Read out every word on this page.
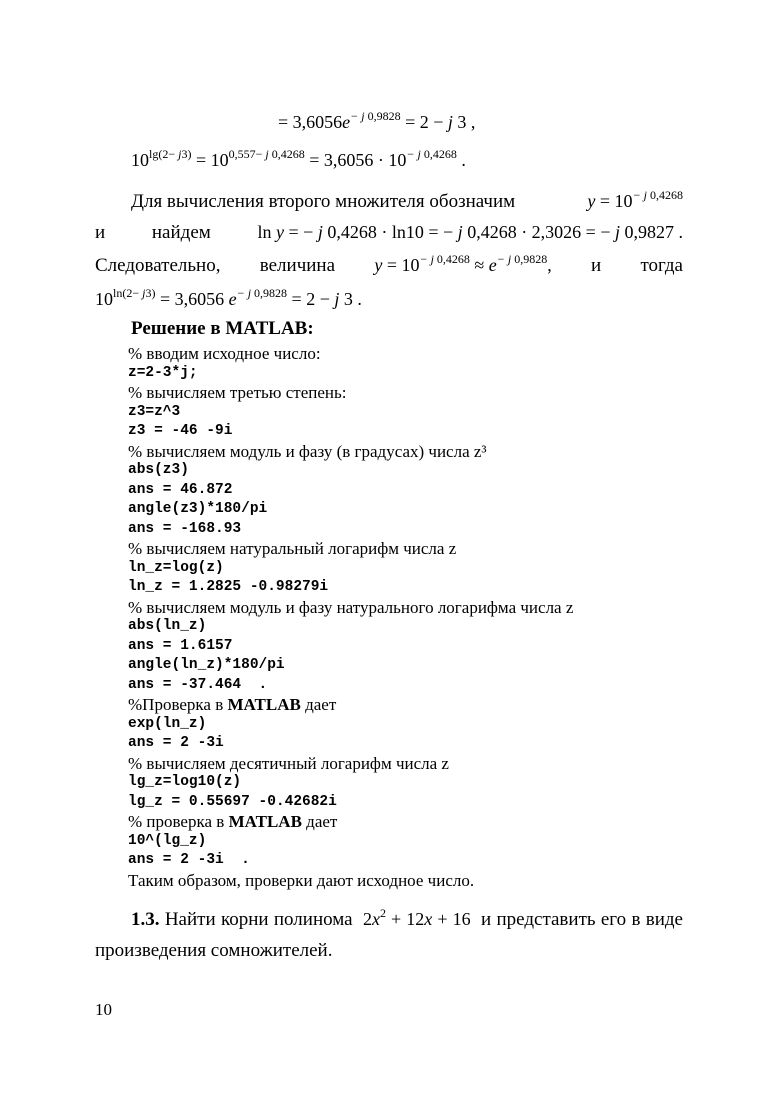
= $3,6056e^{- j 0,9828} = 2 - j$ 3 ,
$10^{lg(2- j3)} = 10^{0,557- j 0,4268} = 3,6056 \cdot 10^{- j 0,4268}$ .
Для вычисления второго множителя обозначим	$y = 10^{- j 0,4268}$
и найдем	ln y = − j 0,4268 · ln10 = − j 0,4268 · 2,3026 = − j 0,9827 .
Следовательно, величина $y = 10^{- j 0,4268} \approx e^{- j 0,9828}$, и тогда
$10^{ln(2- j3)} = 3,6056$ $e^{- j 0,9828} = 2 - j$ 3 .
Решение в MATLAB:
% вводим исходное число:
z=2-3*j;
% вычисляем третью степень:
z3=z^3
z3 = -46 -9i
% вычисляем модуль и фазу (в градусах) числа z³
abs(z3)
ans = 46.872
angle(z3)*180/pi
ans = -168.93
% вычисляем натуральный логарифм числа z
ln_z=log(z)
ln_z = 1.2825 -0.98279i
% вычисляем модуль и фазу натурального логарифма числа z
abs(ln_z)
ans = 1.6157
angle(ln_z)*180/pi
ans = -37.464  .
%Проверка в MATLAB дает
exp(ln_z)
ans = 2 -3i
% вычисляем десятичный логарифм числа z
lg_z=log10(z)
lg_z = 0.55697 -0.42682i
% проверка в MATLAB дает
10^(lg_z)
ans = 2 -3i  .
Таким образом, проверки дают исходное число.

1.3. Найти корни полинома  $2x^2 + 12x + 16$  и представить его в виде произведения сомножителей.

10
